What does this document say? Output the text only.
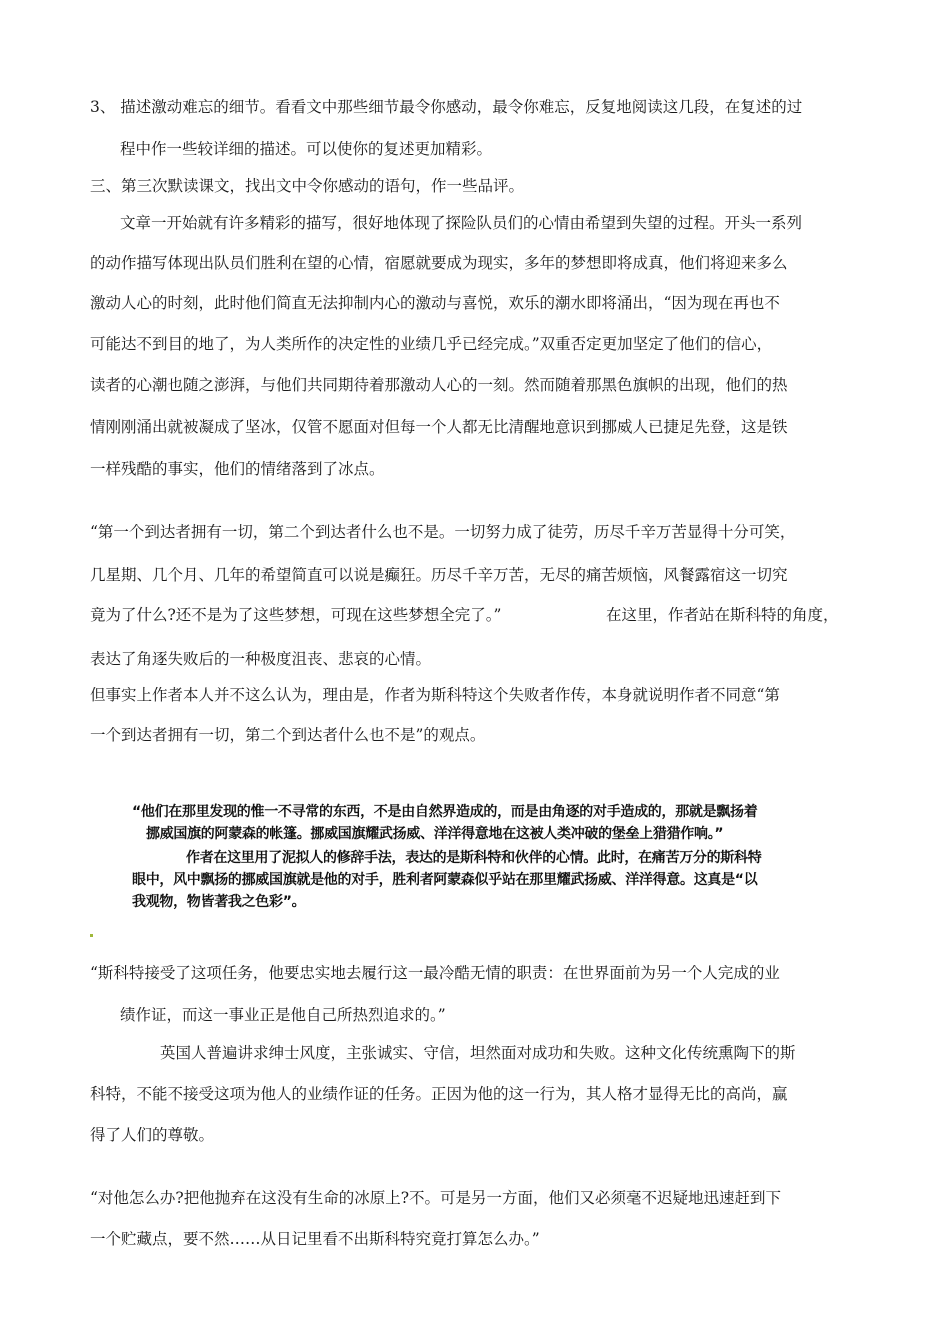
3、 描述激动难忘的细节。看看文中那些细节最令你感动，最令你难忘，反复地阅读这几段，在复述的过
程中作一些较详细的描述。可以使你的复述更加精彩。
三、第三次默读课文，找出文中令你感动的语句，作一些品评。
文章一开始就有许多精彩的描写，很好地体现了探险队员们的心情由希望到失望的过程。开头一系列
的动作描写体现出队员们胜利在望的心情，宿愿就要成为现实，多年的梦想即将成真，他们将迎来多么
激动人心的时刻，此时他们简直无法抑制内心的激动与喜悦，欢乐的潮水即将涌出，“因为现在再也不
可能达不到目的地了，为人类所作的决定性的业绩几乎已经完成。”双重否定更加坚定了他们的信心，
读者的心潮也随之澎湃，与他们共同期待着那激动人心的一刻。然而随着那黑色旗帜的出现，他们的热
情刚刚涌出就被凝成了坚冰，仅管不愿面对但每一个人都无比清醒地意识到挪威人已捷足先登，这是铁
一样残酷的事实，他们的情绪落到了冰点。
“第一个到达者拥有一切，第二个到达者什么也不是。一切努力成了徒劳，历尽千辛万苦显得十分可笑，
几星期、几个月、几年的希望简直可以说是癫狂。历尽千辛万苦，无尽的痛苦烦恼，风餐露宿这一切究
竟为了什么?还不是为了这些梦想，可现在这些梦想全完了。”	在这里，作者站在斯科特的角度，
表达了角逐失败后的一种极度沮丧、悲哀的心情。
但事实上作者本人并不这么认为，理由是，作者为斯科特这个失败者作传，本身就说明作者不同意“第
一个到达者拥有一切，第二个到达者什么也不是”的观点。
“他们在那里发现的惟一不寻常的东西，不是由自然界造成的，而是由角逐的对手造成的，那就是飘扬着
挪威国旗的阿蒙森的帐篷。挪威国旗耀武扬威、洋洋得意地在这被人类冲破的堡垒上猎猎作响。”
作者在这里用了泥拟人的修辞手法，表达的是斯科特和伙伴的心情。此时，在痛苦万分的斯科特
眼中，风中飘扬的挪威国旗就是他的对手，胜利者阿蒙森似乎站在那里耀武扬威、洋洋得意。这真是“以
我观物，物皆著我之色彩”。
“斯科特接受了这项任务，他要忠实地去履行这一最冷酷无情的职责：在世界面前为另一个人完成的业
绩作证，而这一事业正是他自己所热烈追求的。”
英国人普遍讲求绅士风度，主张诚实、守信，坦然面对成功和失败。这种文化传统熏陶下的斯
科特，不能不接受这项为他人的业绩作证的任务。正因为他的这一行为，其人格才显得无比的高尚，赢
得了人们的尊敬。
“对他怎么办?把他抛弃在这没有生命的冰原上?不。可是另一方面，他们又必须毫不迟疑地迅速赶到下
一个贮藏点，要不然……从日记里看不出斯科特究竟打算怎么办。”
